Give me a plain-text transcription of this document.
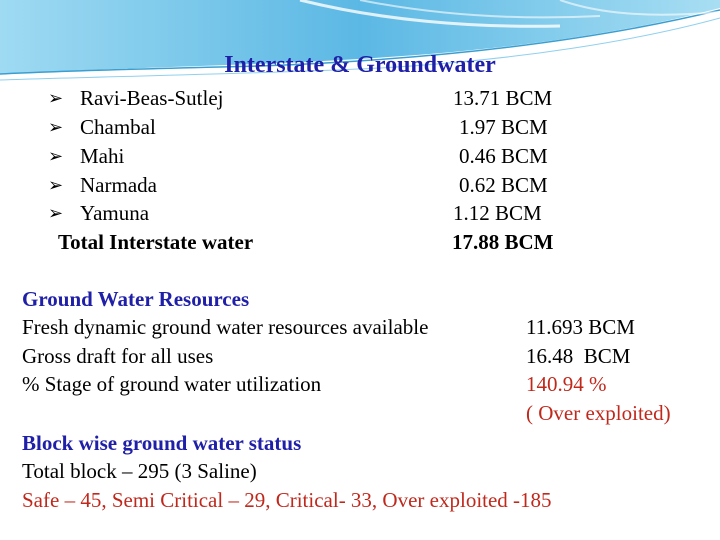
Interstate & Groundwater
➢ Ravi-Beas-Sutlej	13.71 BCM
➢ Chambal	1.97 BCM
➢ Mahi	0.46 BCM
➢ Narmada	0.62 BCM
➢ Yamuna	1.12 BCM
Total Interstate water	17.88 BCM
Ground Water Resources
Fresh dynamic ground water resources available	11.693 BCM
Gross draft for all uses	16.48  BCM
% Stage of ground water utilization	140.94 %
( Over exploited)
Block wise ground water status
Total block – 295 (3 Saline)
Safe – 45, Semi Critical – 29, Critical- 33, Over exploited -185
